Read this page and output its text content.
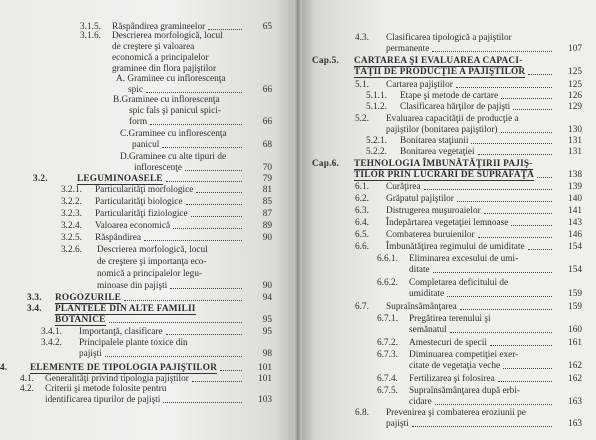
3.1.5. Răspândirea gramineelor	65
3.1.6. Descrierea morfologică, locul
de creştere şi valoarea
economică a principalelor
graminee din flora pajiştilor
A. Graminee cu inflorescenţa
spic	66
B.Graminee cu inflorescenţa
spic fals şi panicul spici-
form	66
C.Graminee cu inflorescenţa
panicul	68
D.Graminee cu alte tipuri de
inflorescenţe	70
3.2.	LEGUMINOASELE	79
3.2.1. Particularităţi morfologice	81
3.2.2. Particularităţi biologice	85
3.2.3. Particularităţi fiziologice	87
3.2.4. Valoarea economică	89
3.2.5. Răspândirea	90
3.2.6. Descrierea morfologică, locul
de creştere şi importanţa eco-
nomică a principalelor legu-
minoase din pajişti	90
3.3. ROGOZURILE	94
3.4. PLANTELE DIN ALTE FAMILII
BOTANICE	95
3.4.1. Importanţă, clasificare	95
3.4.2. Principalele plante toxice din
pajişti	98
4. ELEMENTE DE TIPOLOGIA PAJIŞTILOR	101
4.1. Generalităţi privind tipologia pajiştilor	101
4.2. Criterii şi metode folosite pentru
identificarea tipurilor de pajişti	103
4.3. Clasificarea tipologică a pajiştilor
permanente	107
Cap.5. CARTAREA ŞI EVALUAREA CAPACI-
TĂŢII DE PRODUCŢIE A PAJIŞTILOR	125
5.1. Cartarea pajiştilor	125
5.1.1. Etape şi metode de cartare	126
5.1.2. Clasificarea hărţilor de pajişti	129
5.2. Evaluarea capacităţii de producţie a
pajiştilor (bonitarea pajiştilor)	130
5.2.1. Bonitarea staţiunii	131
5.2.2. Bonitarea vegetaţiei	131
Cap.6. TEHNOLOGIA ÎMBUNĂTĂŢIRII PAJIŞ-
TILOR PRIN LUCRĂRI DE SUPRAFAŢĂ	138
6.1. Curăţirea	139
6.2. Grăpatul pajiştilor	140
6.3. Distrugerea muşuroaielor	141
6.4. Îndepărtarea vegetaţiei lemnoase	143
6.5. Combaterea buruienilor	146
6.6. Îmbunătăţirea regimului de umiditate	154
6.6.1. Eliminarea excesului de umi-
ditate	154
6.6.2. Completarea deficitului de
umiditate	159
6.7. Supraînsămânţarea	159
6.7.1. Pregătirea terenului şi
semănatul	160
6.7.2. Amestecuri de specii	161
6.7.3. Diminuarea competiţiei exer-
citate de vegetaţia veche	162
6.7.4. Fertilizarea şi folosirea	162
6.7.5. Supraînsămânţarea după erbi-
cidare	163
6.8. Prevenirea şi combaterea eroziunii pe
pajişti	163
